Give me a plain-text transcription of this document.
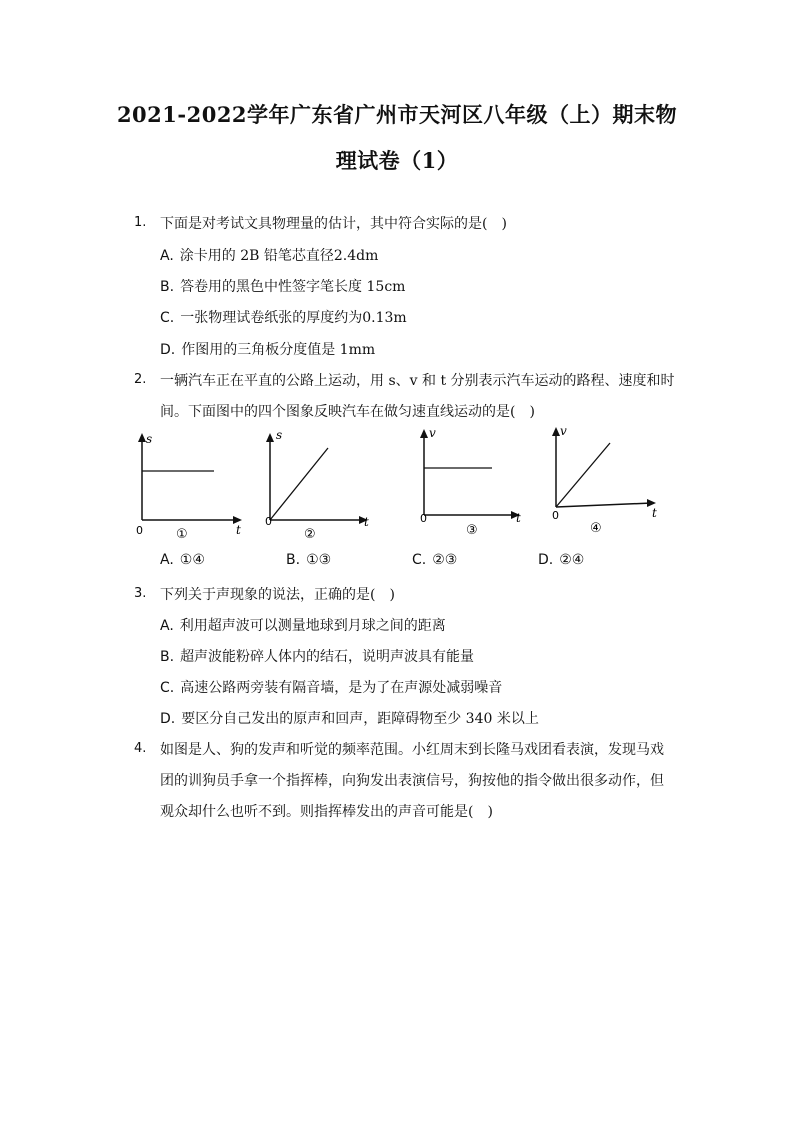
2021-2022学年广东省广州市天河区八年级（上）期末物
理试卷（1）
1. 下面是对考试文具物理量的估计，其中符合实际的是(　)
A. 涂卡用的 2B 铅笔芯直径2.4dm
B. 答卷用的黑色中性签字笔长度 15cm
C. 一张物理试卷纸张的厚度约为0.13m
D. 作图用的三角板分度值是 1mm
2. 一辆汽车正在平直的公路上运动，用 s、v 和 t 分别表示汽车运动的路程、速度和时
间。下面图中的四个图象反映汽车在做匀速直线运动的是(　)
s
t
0	①
s
t
0
②
v
t
0
③
v
t
0
④
A. ①④	B. ①③	C. ②③	D. ②④
3. 下列关于声现象的说法，正确的是(　)
A. 利用超声波可以测量地球到月球之间的距离
B. 超声波能粉碎人体内的结石，说明声波具有能量
C. 高速公路两旁装有隔音墙，是为了在声源处减弱噪音
D. 要区分自己发出的原声和回声，距障碍物至少 340 米以上
4. 如图是人、狗的发声和听觉的频率范围。小红周末到长隆马戏团看表演，发现马戏
团的训狗员手拿一个指挥棒，向狗发出表演信号，狗按他的指令做出很多动作，但
观众却什么也听不到。则指挥棒发出的声音可能是(　)
